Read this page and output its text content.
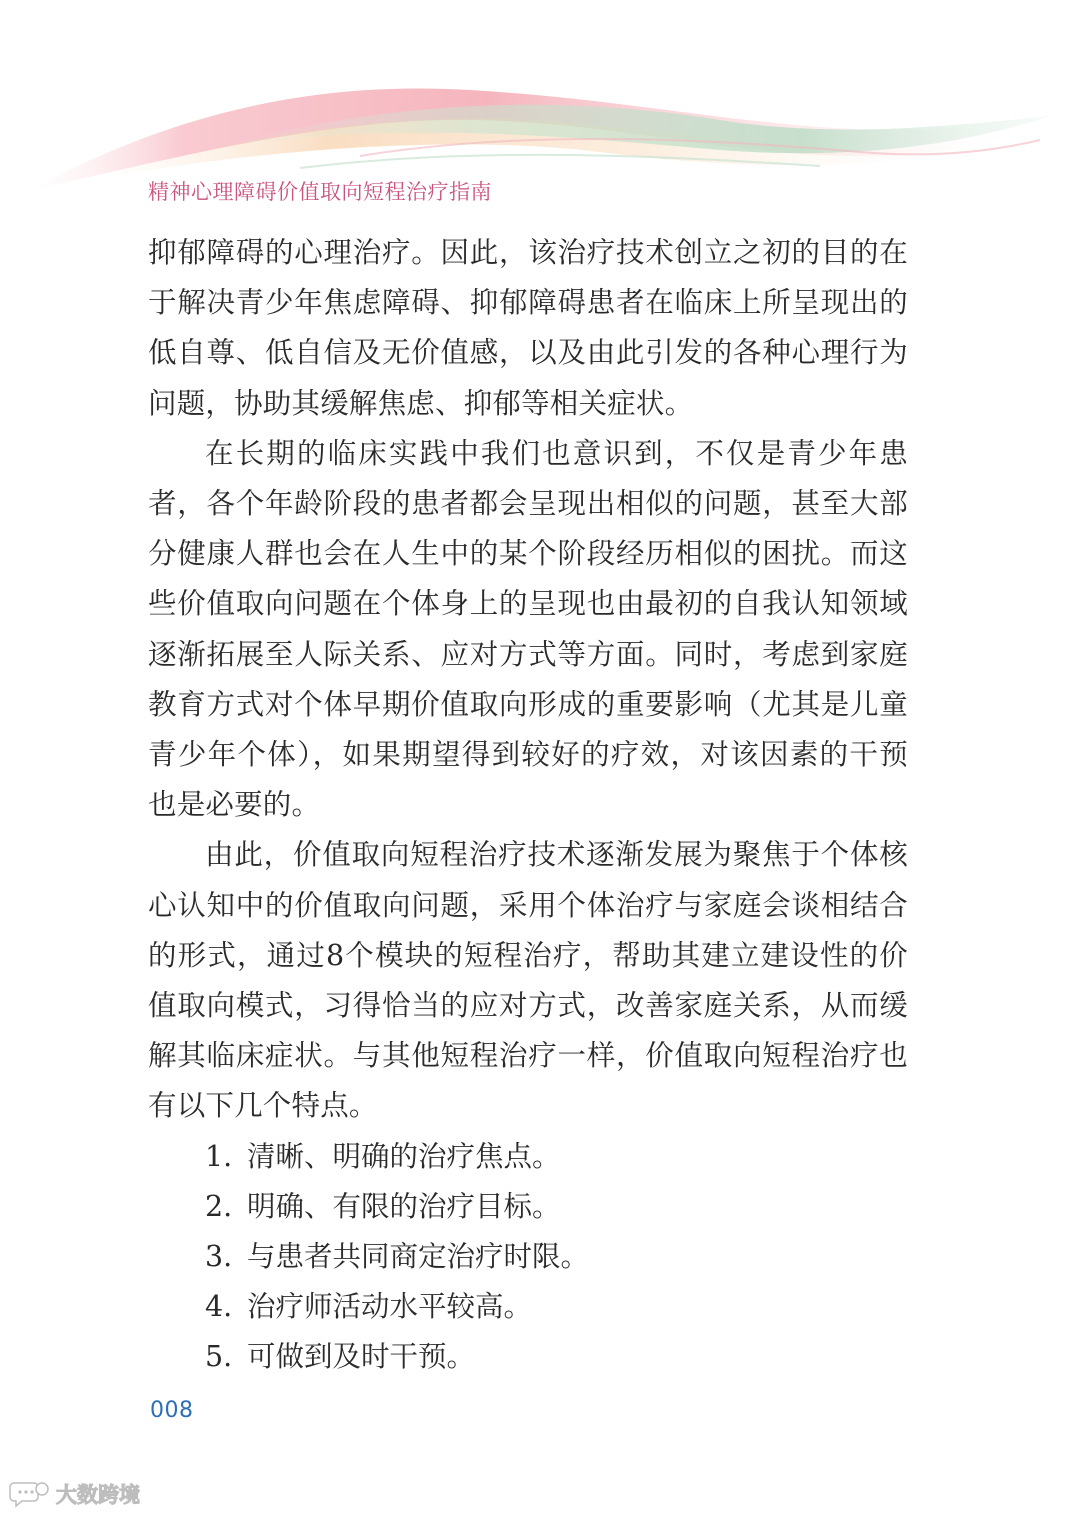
精神心理障碍价值取向短程治疗指南

抑郁障碍的心理治疗。因此，该治疗技术创立之初的目的在于解决青少年焦虑障碍、抑郁障碍患者在临床上所呈现出的低自尊、低自信及无价值感，以及由此引发的各种心理行为问题，协助其缓解焦虑、抑郁等相关症状。

在长期的临床实践中我们也意识到，不仅是青少年患者，各个年龄阶段的患者都会呈现出相似的问题，甚至大部分健康人群也会在人生中的某个阶段经历相似的困扰。而这些价值取向问题在个体身上的呈现也由最初的自我认知领域逐渐拓展至人际关系、应对方式等方面。同时，考虑到家庭教育方式对个体早期价值取向形成的重要影响（尤其是儿童青少年个体），如果期望得到较好的疗效，对该因素的干预也是必要的。

由此，价值取向短程治疗技术逐渐发展为聚焦于个体核心认知中的价值取向问题，采用个体治疗与家庭会谈相结合的形式，通过8个模块的短程治疗，帮助其建立建设性的价值取向模式，习得恰当的应对方式，改善家庭关系，从而缓解其临床症状。与其他短程治疗一样，价值取向短程治疗也有以下几个特点。

1. 清晰、明确的治疗焦点。
2. 明确、有限的治疗目标。
3. 与患者共同商定治疗时限。
4. 治疗师活动水平较高。
5. 可做到及时干预。
008
大数跨境
